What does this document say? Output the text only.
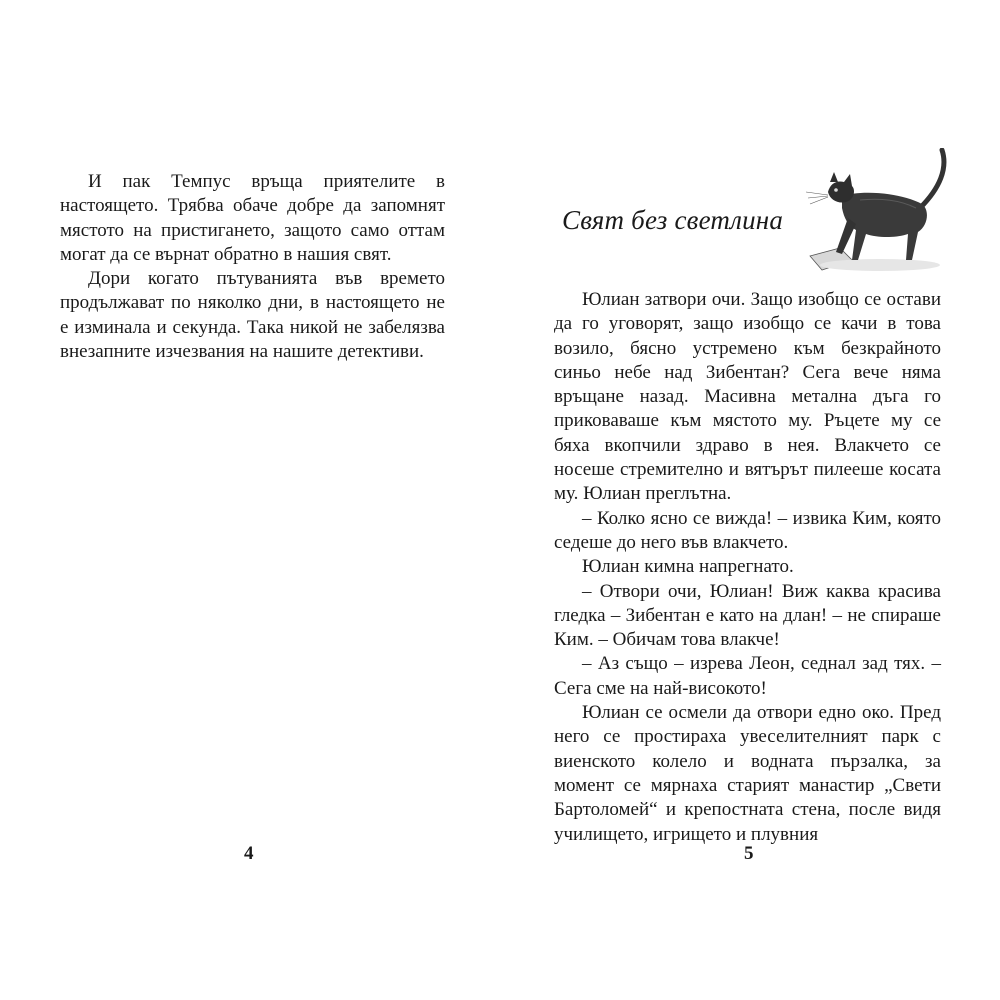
И пак Темпус връща приятелите в настоящето. Трябва обаче добре да запомнят мястото на пристигането, защото само оттам могат да се върнат обратно в нашия свят.

Дори когато пътуванията във времето продължават по няколко дни, в настоящето не е изминала и секунда. Така никой не забелязва внезапните изчезвания на нашите детективи.

4
Свят без светлина

Юлиан затвори очи. Защо изобщо се остави да го уговорят, защо изобщо се качи в това возило, бясно устремено към безкрайното синьо небе над Зибентан? Сега вече няма връщане назад. Масивна метална дъга го приковаваше към мястото му. Ръцете му се бяха вкопчили здраво в нея. Влакчето се носеше стремително и вятърът пилееше косата му. Юлиан преглътна.

– Колко ясно се вижда! – извика Ким, която седеше до него във влакчето.

Юлиан кимна напрегнато.

– Отвори очи, Юлиан! Виж каква красива гледка – Зибентан е като на длан! – не спираше Ким. – Обичам това влакче!

– Аз също – изрева Леон, седнал зад тях. – Сега сме на най-високото!

Юлиан се осмели да отвори едно око. Пред него се простираха увеселителният парк с виенското колело и водната пързалка, за момент се мярнаха старият манастир „Свети Бартоломей“ и крепостната стена, после видя училището, игрището и плувния

5
